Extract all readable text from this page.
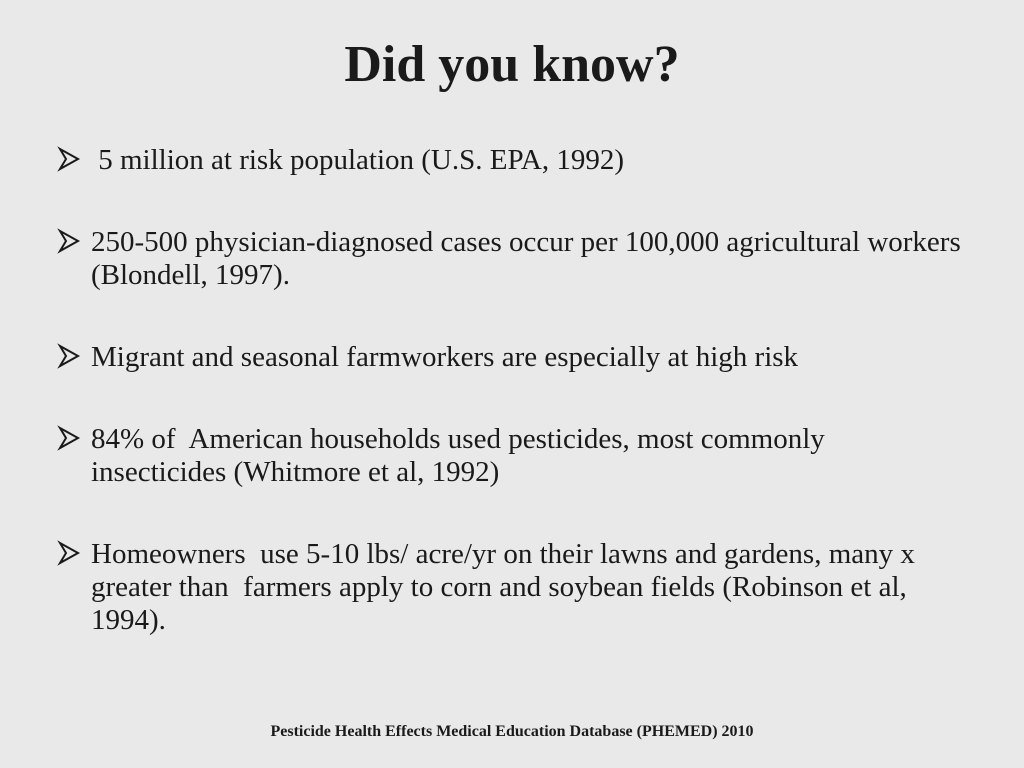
Did you know?
5 million at risk population (U.S. EPA, 1992)
250-500 physician-diagnosed cases occur per 100,000 agricultural workers (Blondell, 1997).
Migrant and seasonal farmworkers are especially at high risk
84% of  American households used pesticides, most commonly insecticides (Whitmore et al, 1992)
Homeowners  use 5-10 lbs/ acre/yr on their lawns and gardens, many x  greater than  farmers apply to corn and soybean fields (Robinson et al, 1994).
Pesticide Health Effects Medical Education Database (PHEMED) 2010
